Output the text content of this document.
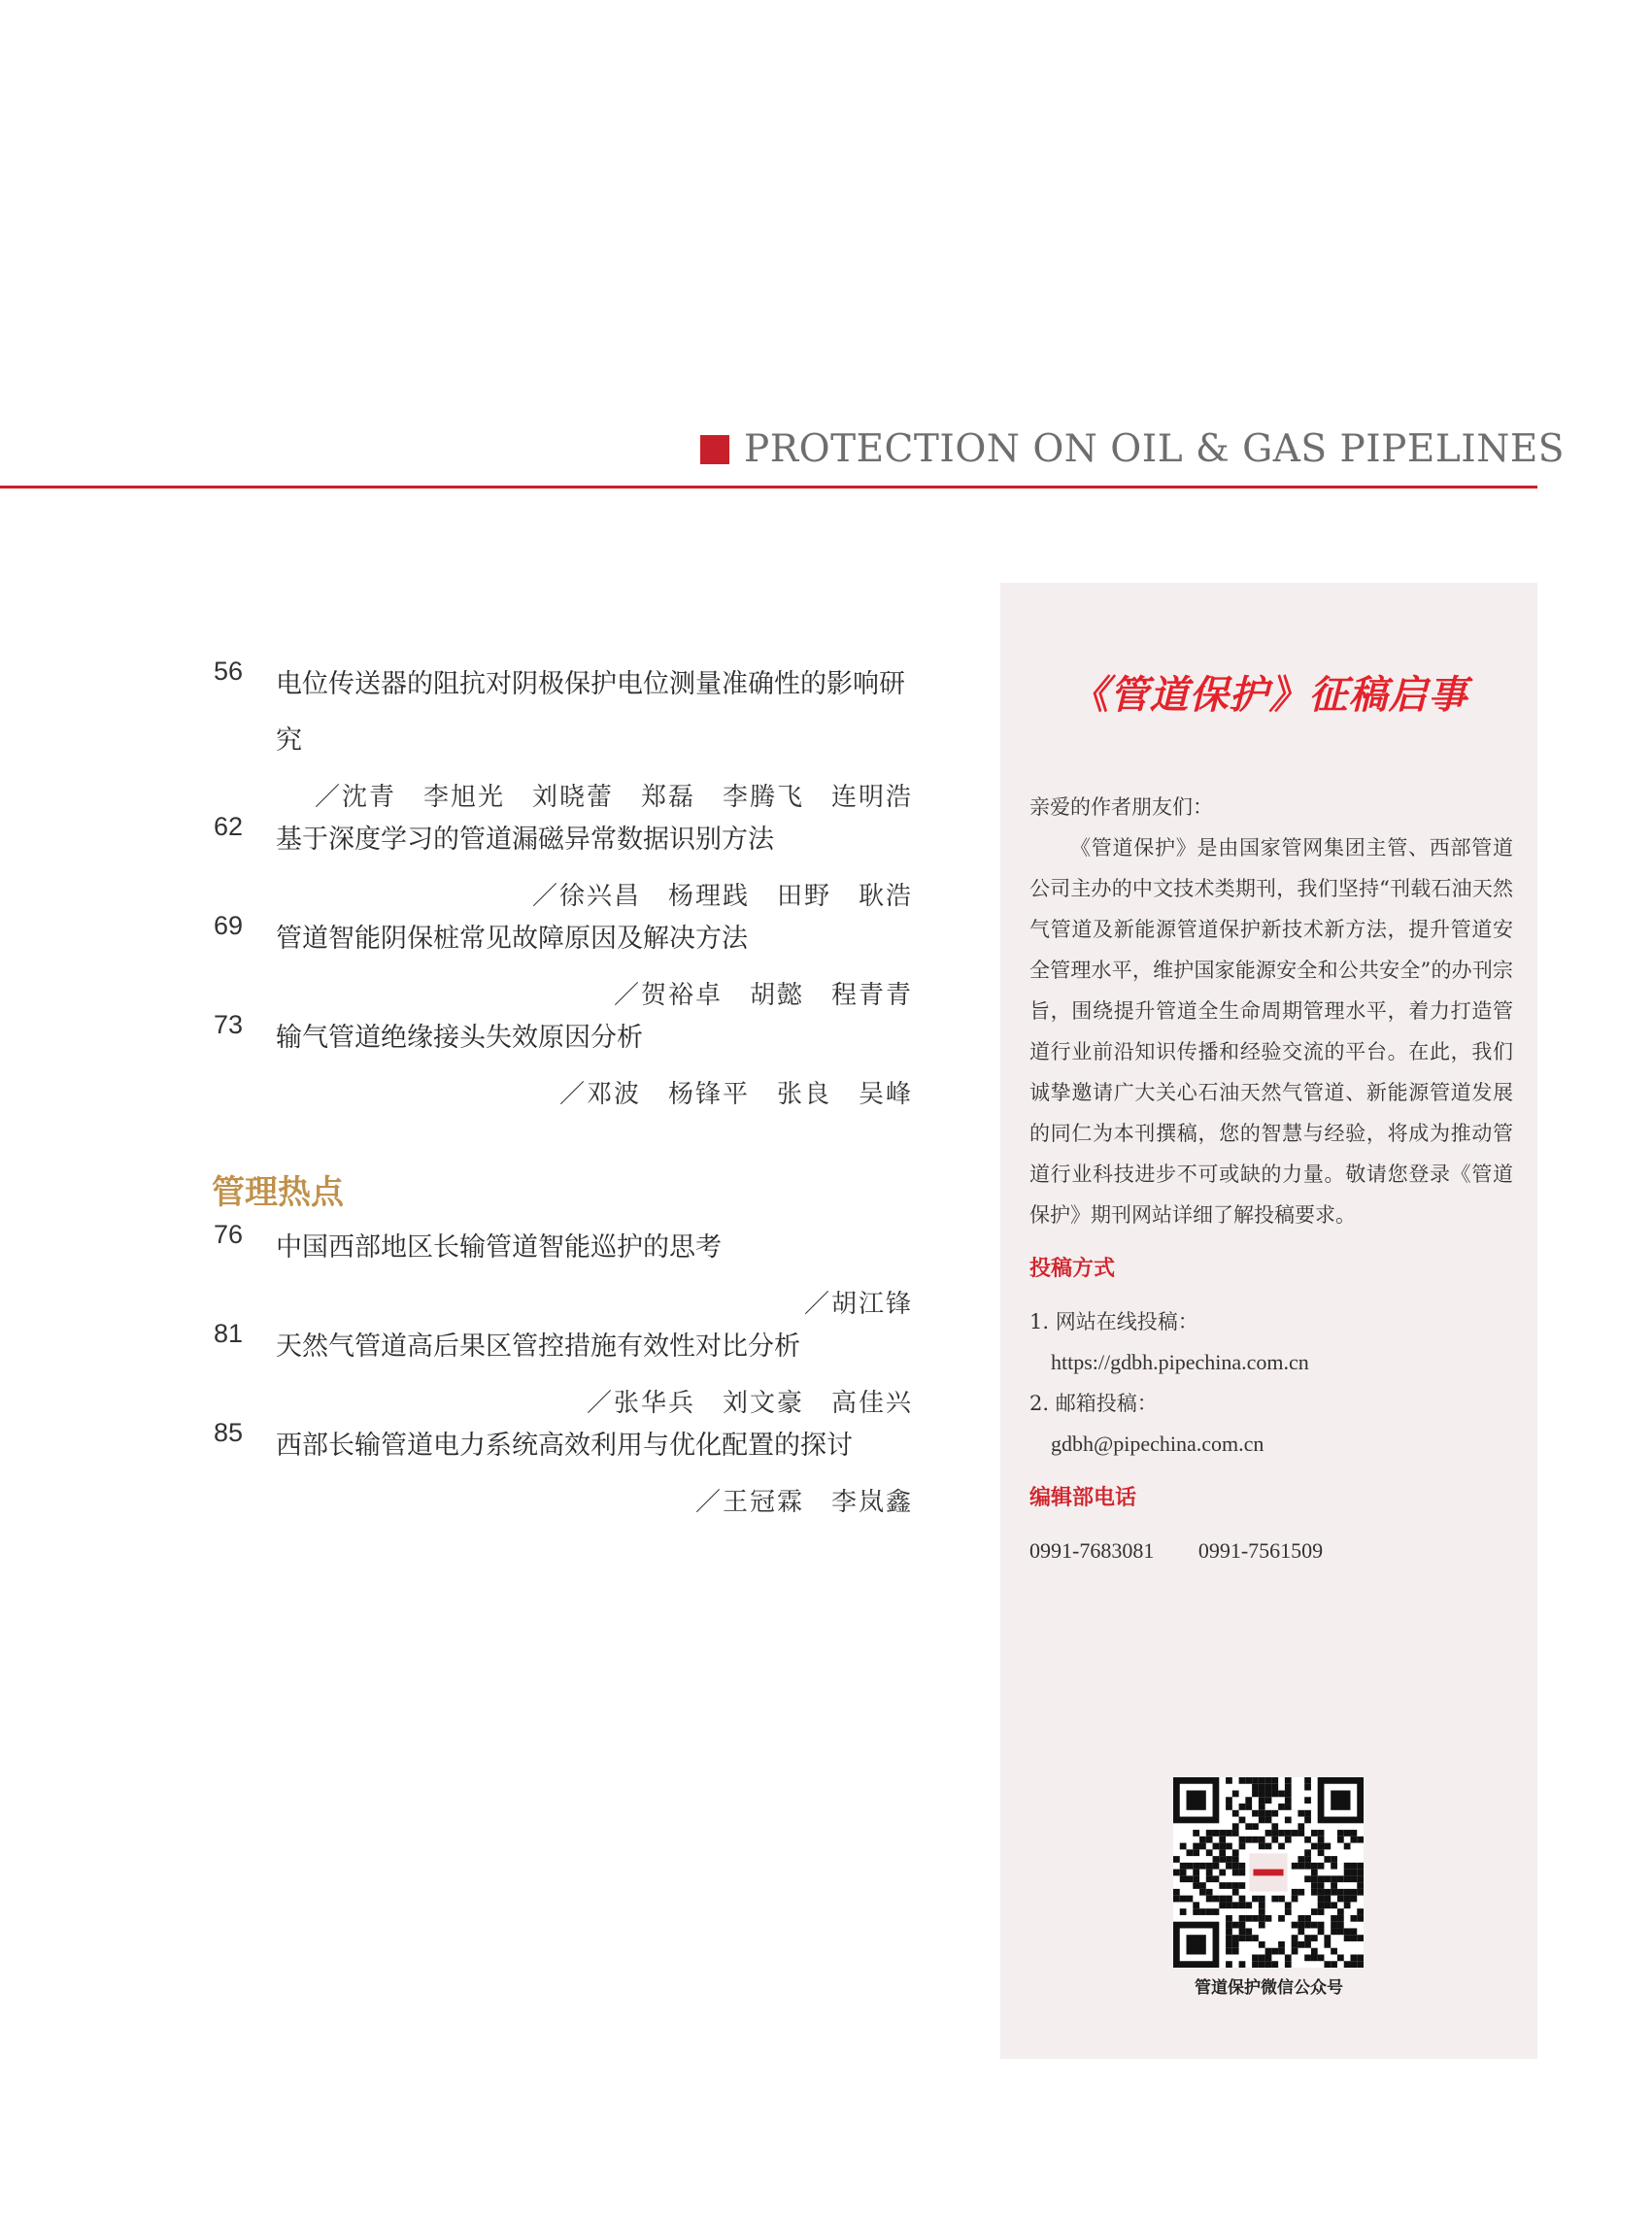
PROTECTION ON OIL & GAS PIPELINES
56	电位传送器的阻抗对阴极保护电位测量准确性的影响研究
／沈青　李旭光　刘晓蕾　郑磊　李腾飞　连明浩
62	基于深度学习的管道漏磁异常数据识别方法
／徐兴昌　杨理践　田野　耿浩
69	管道智能阴保桩常见故障原因及解决方法
／贺裕卓　胡懿　程青青
73	输气管道绝缘接头失效原因分析
／邓波　杨锋平　张良　吴峰
管理热点
76	中国西部地区长输管道智能巡护的思考
／胡江锋
81	天然气管道高后果区管控措施有效性对比分析
／张华兵　刘文豪　高佳兴
85	西部长输管道电力系统高效利用与优化配置的探讨
／王冠霖　李岚鑫
《管道保护》征稿启事

亲爱的作者朋友们：

《管道保护》是由国家管网集团主管、西部管道公司主办的中文技术类期刊，我们坚持“刊载石油天然气管道及新能源管道保护新技术新方法，提升管道安全管理水平，维护国家能源安全和公共安全”的办刊宗旨，围绕提升管道全生命周期管理水平，着力打造管道行业前沿知识传播和经验交流的平台。在此，我们诚挚邀请广大关心石油天然气管道、新能源管道发展的同仁为本刊撰稿，您的智慧与经验，将成为推动管道行业科技进步不可或缺的力量。敬请您登录《管道保护》期刊网站详细了解投稿要求。

投稿方式

1. 网站在线投稿：

https://gdbh.pipechina.com.cn

2. 邮箱投稿：

gdbh@pipechina.com.cn

编辑部电话

0991-7683081 0991-7561509

管道保护微信公众号
